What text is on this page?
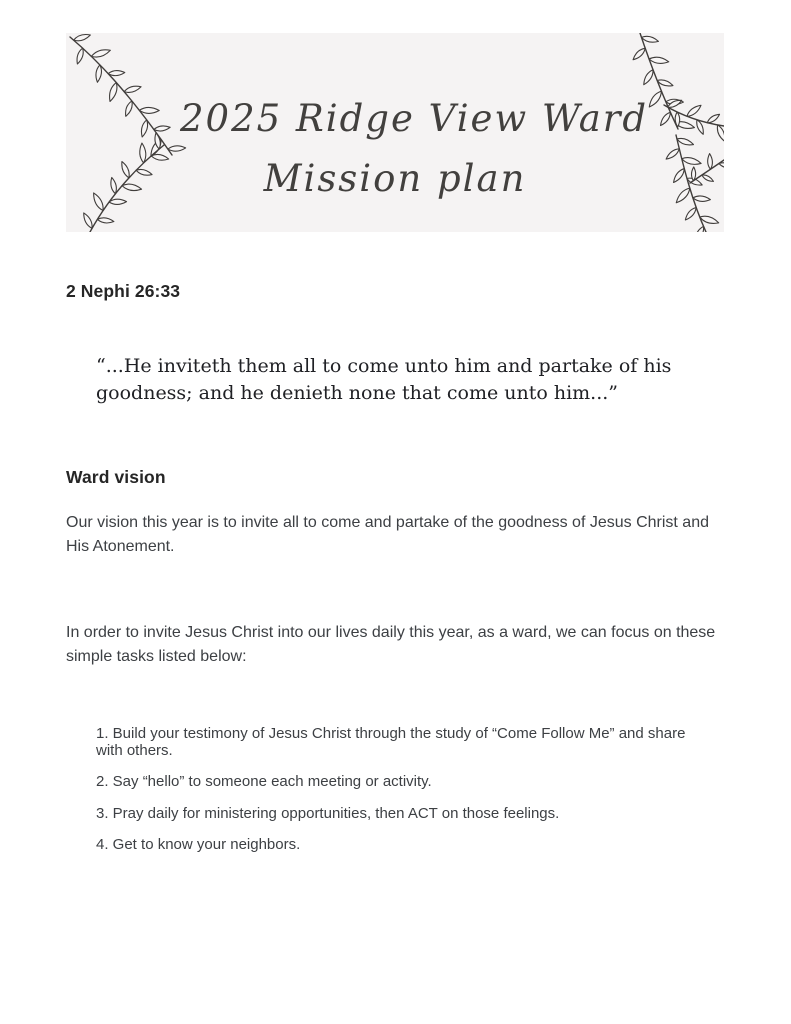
2025 Ridge View Ward
Mission plan
2 Nephi 26:33
“...He inviteth them all to come unto him and partake of his goodness; and he denieth none that come unto him...”
Ward vision

Our vision this year is to invite all to come and partake of the goodness of Jesus Christ and His Atonement.

In order to invite Jesus Christ into our lives daily this year, as a ward, we can focus on these simple tasks listed below:

1. Build your testimony of Jesus Christ through the study of “Come Follow Me” and share with others.
2. Say “hello” to someone each meeting or activity.
3. Pray daily for ministering opportunities, then ACT on those feelings.
4. Get to know your neighbors.
